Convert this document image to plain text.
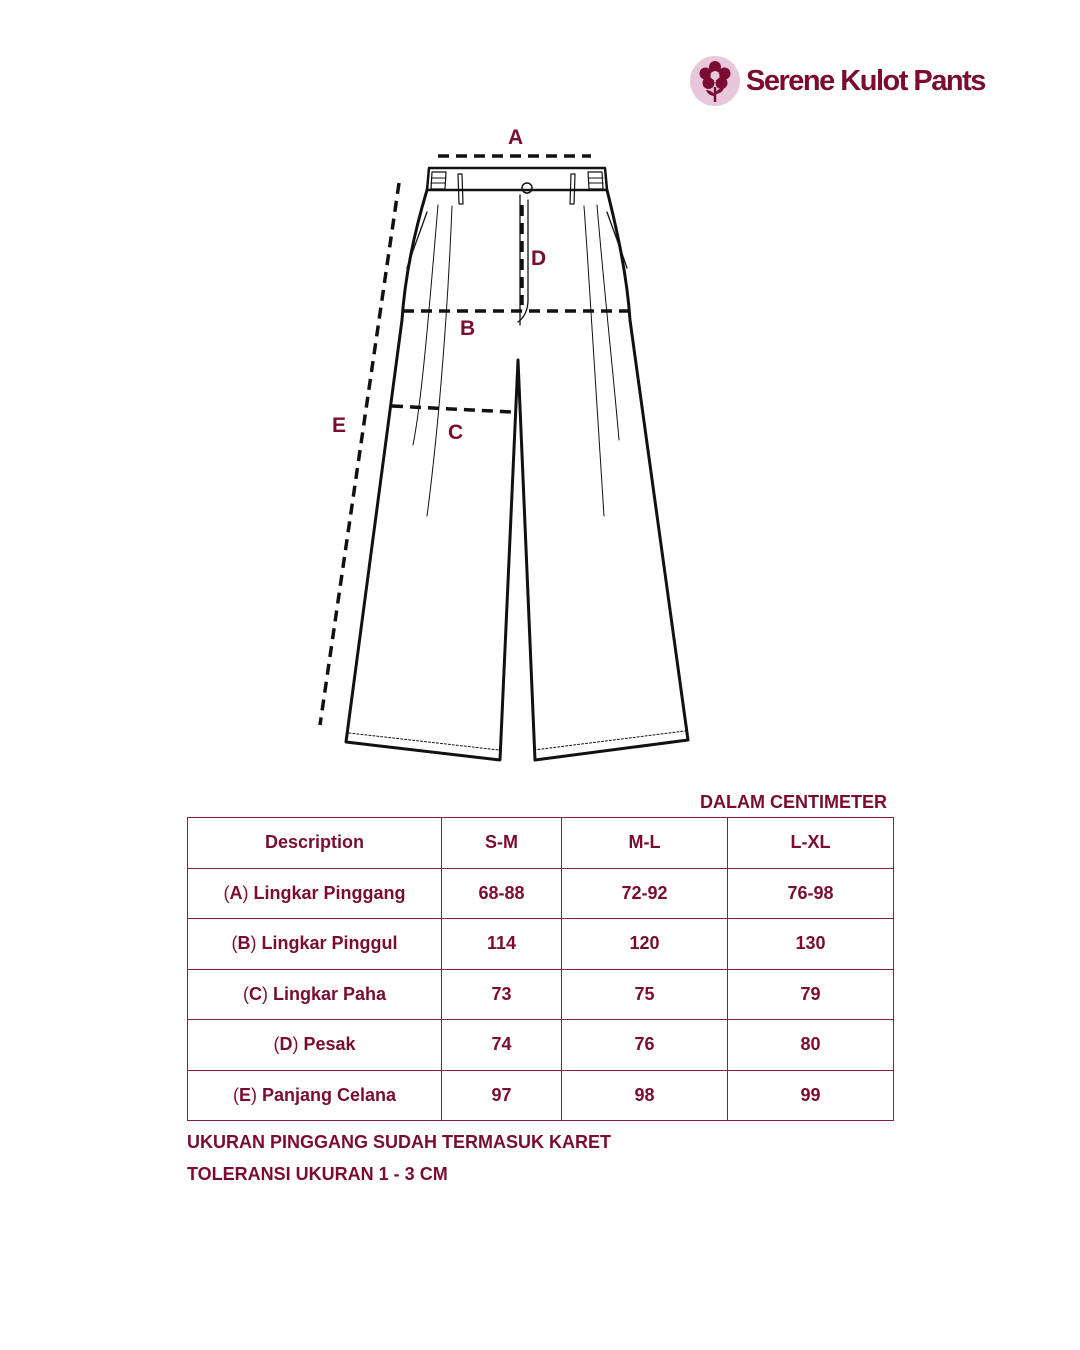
Serene Kulot Pants
A
D
B
E	C
DALAM CENTIMETER
Description	S-M	M-L	L-XL
(A) Lingkar Pinggang	68-88	72-92	76-98
(B) Lingkar Pinggul	114	120	130
(C) Lingkar Paha	73	75	79
(D) Pesak	74	76	80
(E) Panjang Celana	97	98	99
UKURAN PINGGANG SUDAH TERMASUK KARET
TOLERANSI UKURAN 1 - 3 CM
